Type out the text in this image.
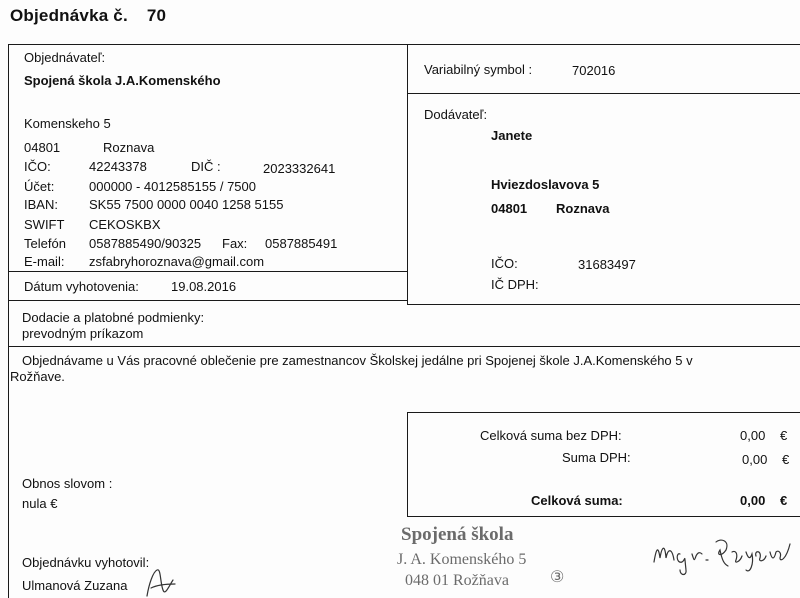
Objednávka č. 70
Objednávateľ:
Spojená škola J.A.Komenského
Komenskeho 5
04801	Roznava
IČO:	42243378	DIČ :	2023332641
Účet:	000000 - 4012585155 / 7500
IBAN: SK55 7500 0000 0040 1258 5155
SWIFT CEKOSKBX
Telefón 0587885490/90325 Fax: 0587885491
E-mail: zsfabryhoroznava@gmail.com
Dátum vyhotovenia: 19.08.2016
Variabilný symbol :	702016
Dodávateľ:
Janete
Hviezdoslavova 5
04801 Roznava
IČO:	31683497
IČ DPH:
Dodacie a platobné podmienky:
prevodným príkazom
Objednávame u Vás pracovné oblečenie pre zamestnancov Školskej jedálne pri Spojenej škole J.A.Komenského 5 v
Rožňave.
Celková suma bez DPH:	0,00 €
Suma DPH:	0,00 €
Celková suma:	0,00 €
Obnos slovom :
nula €
Objednávku vyhotovil:
Ulmanová Zuzana
Spojená škola
J. A. Komenského 5
048 01 Rožňava	③
